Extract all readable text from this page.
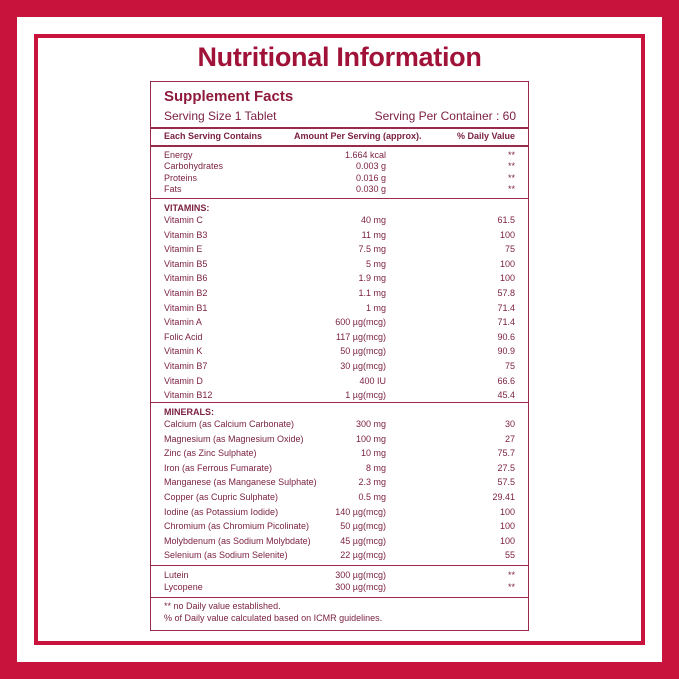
Nutritional Information
Supplement Facts
Serving Size 1 Tablet	Serving Per Container : 60
Each Serving Contains	Amount Per Serving (approx).	% Daily Value
Energy	1.664 kcal	**
Carbohydrates	0.003 g	**
Proteins	0.016 g	**
Fats	0.030 g	**
VITAMINS:
Vitamin C	40 mg	61.5
Vitamin B3	11 mg	100
Vitamin E	7.5 mg	75
Vitamin B5	5 mg	100
Vitamin B6	1.9 mg	100
Vitamin B2	1.1 mg	57.8
Vitamin B1	1 mg	71.4
Vitamin A	600 µg(mcg)	71.4
Folic Acid	117 µg(mcg)	90.6
Vitamin K	50 µg(mcg)	90.9
Vitamin B7	30 µg(mcg)	75
Vitamin D	400 IU	66.6
Vitamin B12	1 µg(mcg)	45.4
MINERALS:
Calcium (as Calcium Carbonate)	300 mg	30
Magnesium (as Magnesium Oxide)	100 mg	27
Zinc (as Zinc Sulphate)	10 mg	75.7
Iron (as Ferrous Fumarate)	8 mg	27.5
Manganese (as Manganese Sulphate)	2.3 mg	57.5
Copper (as Cupric Sulphate)	0.5 mg	29.41
Iodine (as Potassium Iodide)	140 µg(mcg)	100
Chromium (as Chromium Picolinate)	50 µg(mcg)	100
Molybdenum (as Sodium Molybdate)	45 µg(mcg)	100
Selenium (as Sodium Selenite)	22 µg(mcg)	55
Lutein	300 µg(mcg)	**
Lycopene	300 µg(mcg)	**
** no Daily value established.
% of Daily value calculated based on ICMR guidelines.
